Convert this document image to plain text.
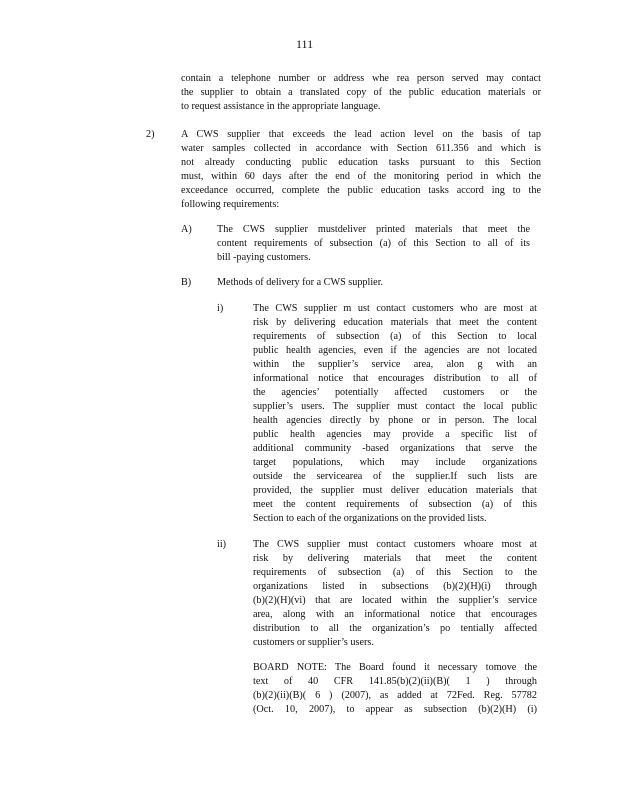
111
contain a telephone number or address whe rea person served may contact
the supplier to obtain a translated copy of the public education materials or
to request assistance in the appropriate language.
2)	A CWS supplier that exceeds the lead action level on the basis of tap
water samples collected in accordance with Section 611.356 and which is
not already conducting public education tasks pursuant to this Section
must, within 60 days after the end of the monitoring period in which the
exceedance occurred, complete the public education tasks accord ing to the
following requirements:
A) The CWS supplier mustdeliver printed materials that meet the
content requirements of subsection (a) of this Section to all of its
bill -paying customers.
B)	Methods of delivery for a CWS supplier.
i)	The CWS supplier m ust contact customers who are most at
risk by delivering education materials that meet the content
requirements of subsection (a) of this Section to local
public health agencies, even if the agencies are not located
within the supplier’s service area, alon g with an
informational notice that encourages distribution to all of
the agencies’ potentially affected customers or the
supplier’s users. The supplier must contact the local public
health agencies directly by phone or in person. The local
public health agencies may provide a specific list of
additional community -based organizations that serve the
target populations, which may include organizations
outside the servicearea of the supplier.If such lists are
provided, the supplier must deliver education materials that
meet the content requirements of subsection (a) of this
Section to each of the organizations on the provided lists.
ii)	The CWS supplier must contact customers whoare most at
risk by delivering materials that meet the content
requirements of subsection (a) of this Section to the
organizations listed in subsections (b)(2)(H)(i) through
(b)(2)(H)(vi) that are located within the supplier’s service
area, along with an informational notice that encourages
distribution to all the organization’s po tentially affected
customers or supplier’s users.
BOARD NOTE: The Board found it necessary tomove the
text of 40 CFR 141.85(b)(2)(ii)(B)( 1 ) through
(b)(2)(ii)(B)( 6 ) (2007), as added at 72Fed. Reg. 57782
(Oct. 10, 2007), to appear as subsection (b)(2)(H) (i)
